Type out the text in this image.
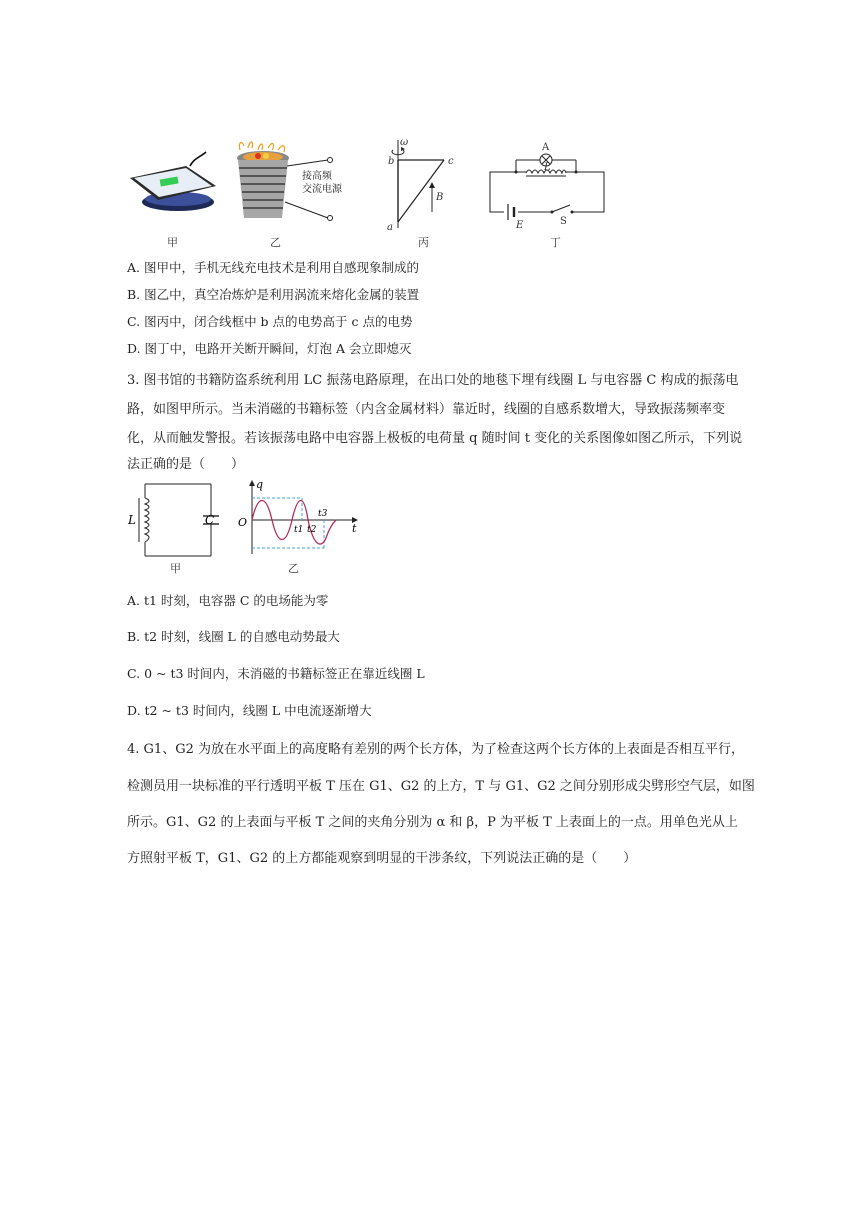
甲
接高频
交流电源
乙
ω
b	c
a
B
丙
A
L
E	S
丁
A. 图甲中，手机无线充电技术是利用自感现象制成的
B. 图乙中，真空冶炼炉是利用涡流来熔化金属的装置
C. 图丙中，闭合线框中 b 点的电势高于 c 点的电势
D. 图丁中，电路开关断开瞬间，灯泡 A 会立即熄灭
3. 图书馆的书籍防盗系统利用 LC 振荡电路原理，在出口处的地毯下埋有线圈 L 与电容器 C 构成的振荡电
路，如图甲所示。当未消磁的书籍标签（内含金属材料）靠近时，线圈的自感系数增大，导致振荡频率变
化，从而触发警报。若该振荡电路中电容器上极板的电荷量 q 随时间 t 变化的关系图像如图乙所示，下列说
法正确的是（　　）
L	C
甲
q
O	t
t1 t2
t3
乙
A. t1 时刻，电容器 C 的电场能为零
B. t2 时刻，线圈 L 的自感电动势最大
C. 0 ~ t3 时间内，未消磁的书籍标签正在靠近线圈 L
D. t2 ~ t3 时间内，线圈 L 中电流逐渐增大
4. G1、G2 为放在水平面上的高度略有差别的两个长方体，为了检查这两个长方体的上表面是否相互平行，
检测员用一块标准的平行透明平板 T 压在 G1、G2 的上方，T 与 G1、G2 之间分别形成尖劈形空气层，如图
所示。G1、G2 的上表面与平板 T 之间的夹角分别为 α 和 β，P 为平板 T 上表面上的一点。用单色光从上
方照射平板 T，G1、G2 的上方都能观察到明显的干涉条纹，下列说法正确的是（　　）
